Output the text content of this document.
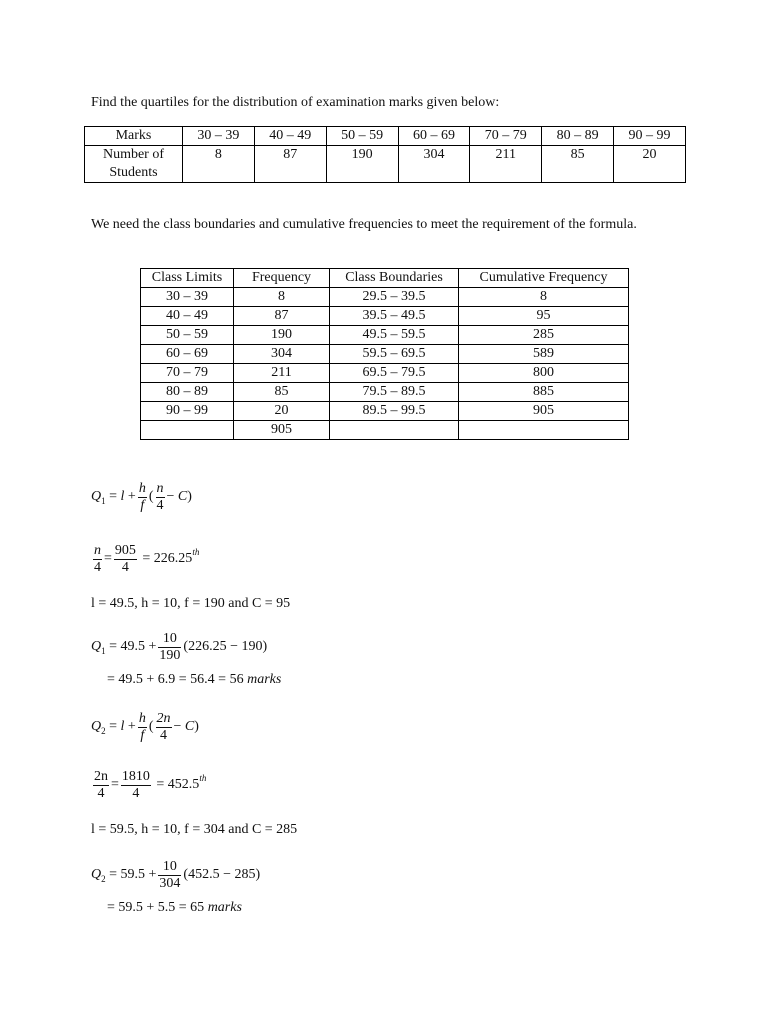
Find the quartiles for the distribution of examination marks given below:
Marks	30 – 39	40 – 49	50 – 59	60 – 69	70 – 79	80 – 89	90 – 99

Number of
Students	8	87	190	304	211	85	20
We need the class boundaries and cumulative frequencies to meet the requirement of the formula.
Class Limits	Frequency	Class Boundaries	Cumulative Frequency
30 – 39	8	29.5 – 39.5	8
40 – 49	87	39.5 – 49.5	95
50 – 59	190	49.5 – 59.5	285
60 – 69	304	59.5 – 69.5	589
70 – 79	211	69.5 – 79.5	800
80 – 89	85	79.5 – 89.5	885
90 – 99	20	89.5 – 99.5	905
	905		
Q 1
=
l
+ $\frac{h}{f}$ ( $\frac{n}{4}$ −
C )
$\frac{n}{4} = \frac{905}{4}$
= 226.25 th
l = 49.5, h = 10, f = 190 and C = 95
Q 1
= $49.5 + \frac{10}{190} (226.25 - 190)$
= 49.5 + 6.9 = 56.4 = 56 marks
Q 2
=
l
+ $\frac{h}{f}$ ( $\frac{2n}{4}$ −
C )
$\frac{2n}{4} = \frac{1810}{4}$
= 452.5 th
l = 59.5, h = 10, f = 304 and C = 285
Q 2
= $59.5 + \frac{10}{304} (452.5 - 285)$
= 59.5 + 5.5 = 65 marks
